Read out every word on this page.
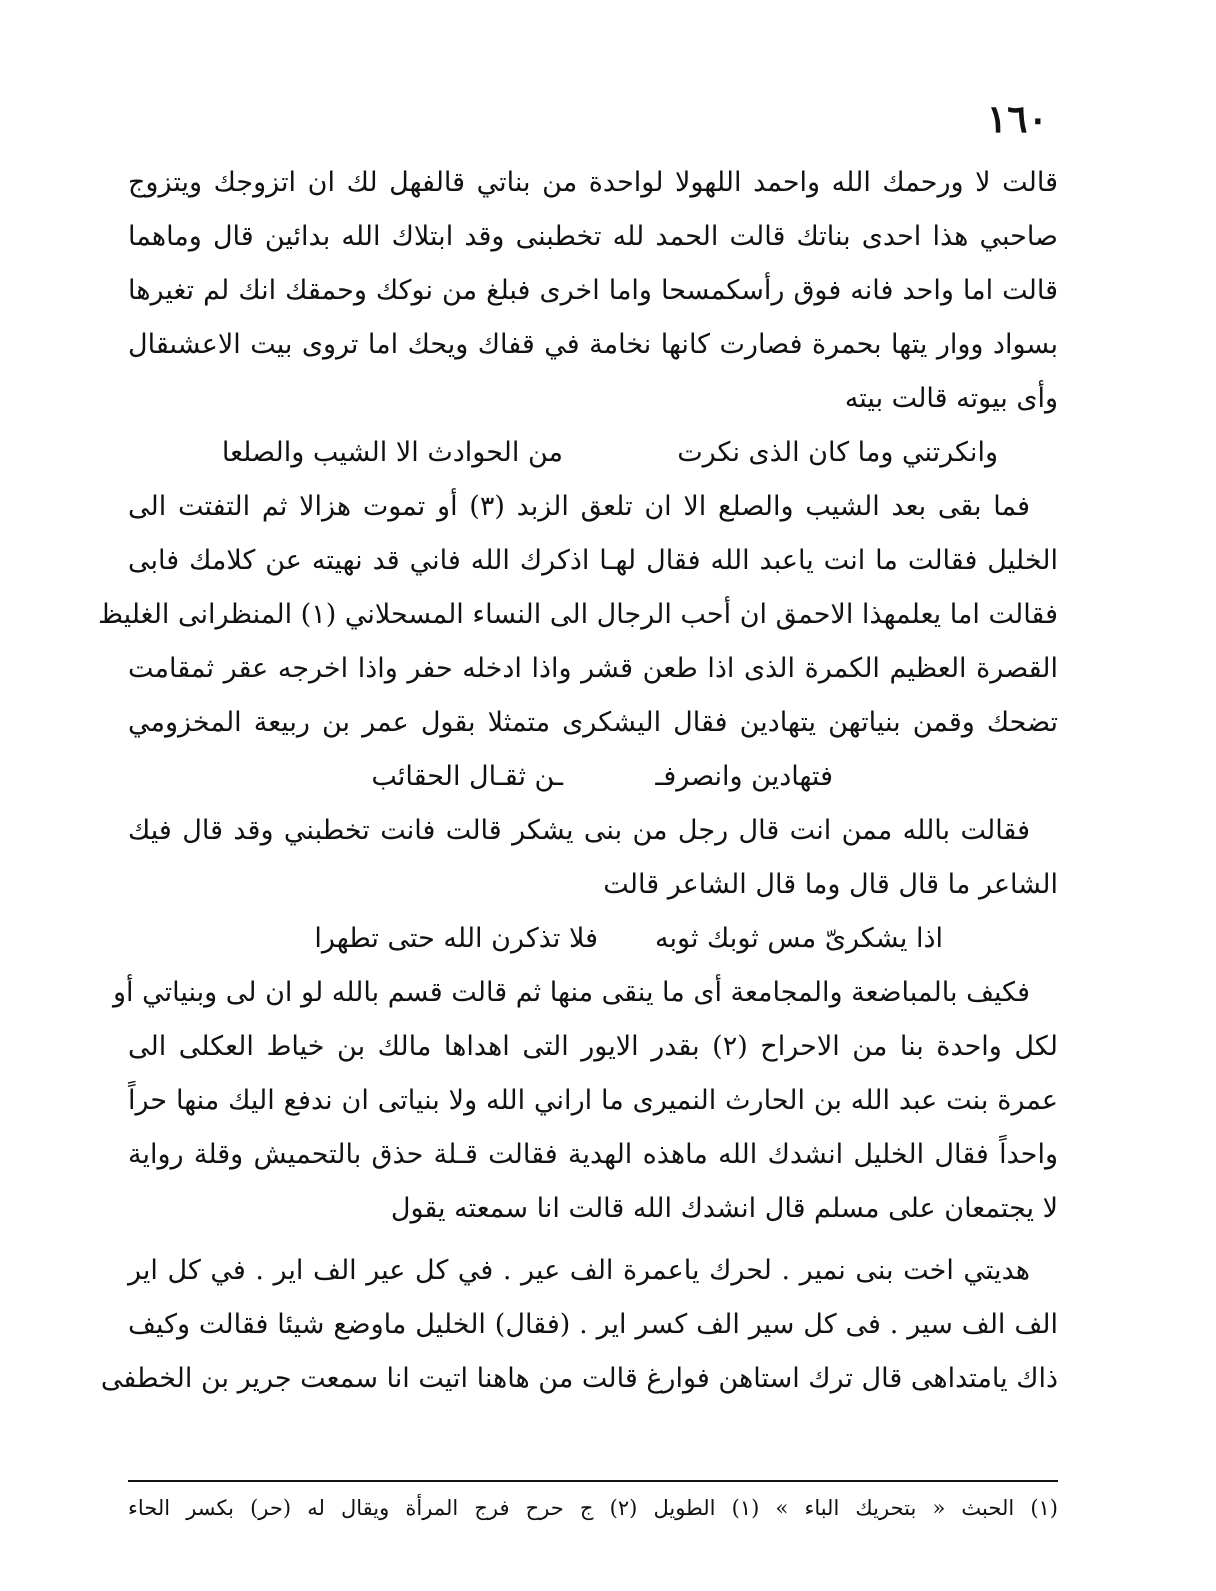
١٦٠
قالت لا ورحمك الله واحمد اللهولا لواحدة من بناتي قالفهل لك ان اتزوجك ويتزوج
صاحبي هذا احدى بناتك قالت الحمد لله تخطبنى وقد ابتلاك الله بدائين قال وماهما
قالت اما واحد فانه فوق رأسكمسحا واما اخرى فبلغ من نوكك وحمقك انك لم تغيرها
بسواد ووار يتها بحمرة فصارت كانها نخامة في قفاك ويحك اما تروى بيت الاعشىقال
وأى بيوته قالت بيته
وانكرتني وما كان الذى نكرت
من الحوادث الا الشيب والصلعا
فما بقى بعد الشيب والصلع الا ان تلعق الزبد (٣) أو تموت هزالا ثم التفتت الى
الخليل فقالت ما انت ياعبد الله فقال لهـا اذكرك الله فاني قد نهيته عن كلامك فابى
فقالت اما يعلمهذا الاحمق ان أحب الرجال الى النساء المسحلاني (١) المنظرانى الغليظ
القصرة العظيم الكمرة الذى اذا طعن قشر واذا ادخله حفر واذا اخرجه عقر ثمقامت
تضحك وقمن بنياتهن يتهادين فقال اليشكرى متمثلا بقول عمر بن ربيعة المخزومي
فتهادين وانصرفـ
ـن ثقـال الحقائب
فقالت بالله ممن انت قال رجل من بنى يشكر قالت فانت تخطبني وقد قال فيك
الشاعر ما قال قال وما قال الشاعر قالت
اذا يشكرىّ مس ثوبك ثوبه
فلا تذكرن الله حتى تطهرا
فكيف بالمباضعة والمجامعة أى ما ينقى منها ثم قالت قسم بالله لو ان لى وبنياتي أو
لكل واحدة بنا من الاحراح (٢) بقدر الايور التى اهداها مالك بن خياط العكلى الى
عمرة بنت عبد الله بن الحارث النميرى ما اراني الله ولا بنياتى ان ندفع اليك منها حراً
واحداً فقال الخليل انشدك الله ماهذه الهدية فقالت قـلة حذق بالتحميش وقلة رواية
لا يجتمعان على مسلم قال انشدك الله قالت انا سمعته يقول
هديتي اخت بنى نمير . لحرك ياعمرة الف عير . في كل عير الف اير . في كل اير
الف الف سير . فى كل سير الف كسر اير . (فقال) الخليل ماوضع شيئا فقالت وكيف
ذاك يامتداهى قال ترك استاهن فوارغ قالت من هاهنا اتيت انا سمعت جرير بن الخطفى
(١) الحبث « بتحريك الباء » (١) الطويل (٢) ج حرح فرج المرأة ويقال له (حر) بكسر الحاء
